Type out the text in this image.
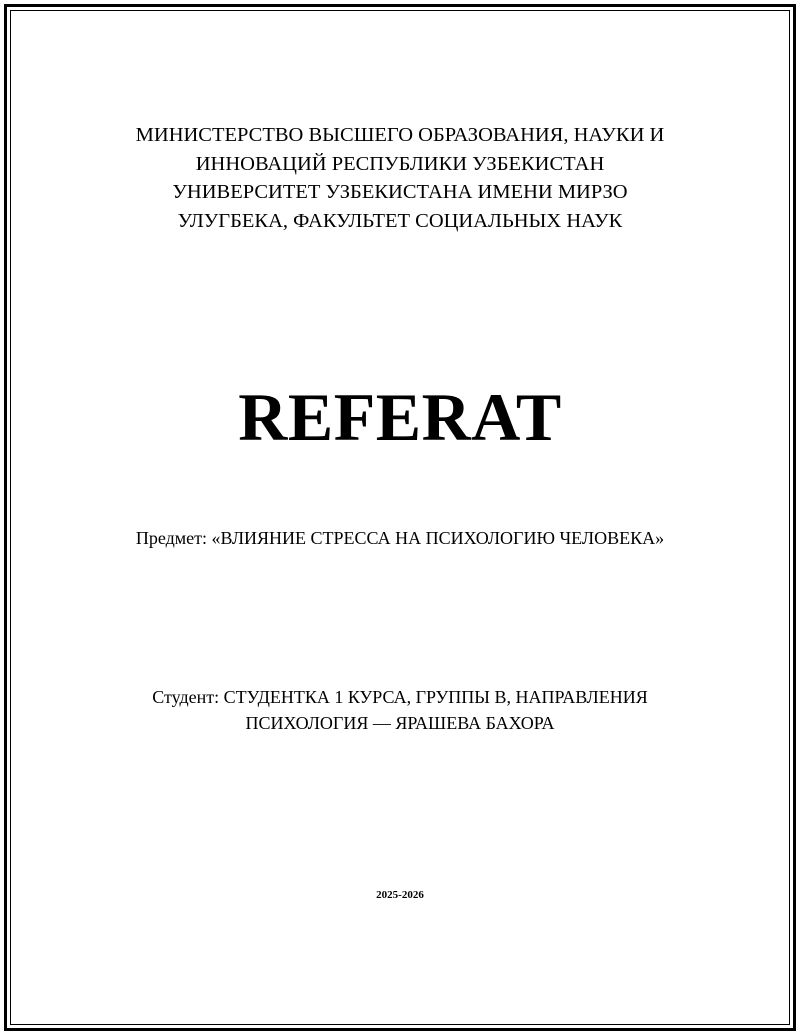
МИНИСТЕРСТВО ВЫСШЕГО ОБРАЗОВАНИЯ, НАУКИ И
ИННОВАЦИЙ РЕСПУБЛИКИ УЗБЕКИСТАН
УНИВЕРСИТЕТ УЗБЕКИСТАНА ИМЕНИ МИРЗО
УЛУГБЕКА, ФАКУЛЬТЕТ СОЦИАЛЬНЫХ НАУК
REFERAT
Предмет: «ВЛИЯНИЕ СТРЕССА НА ПСИХОЛОГИЮ ЧЕЛОВЕКА»
Студент: СТУДЕНТКА 1 КУРСА, ГРУППЫ B, НАПРАВЛЕНИЯ
ПСИХОЛОГИЯ — ЯРАШЕВА БАХОРА
2025-2026
